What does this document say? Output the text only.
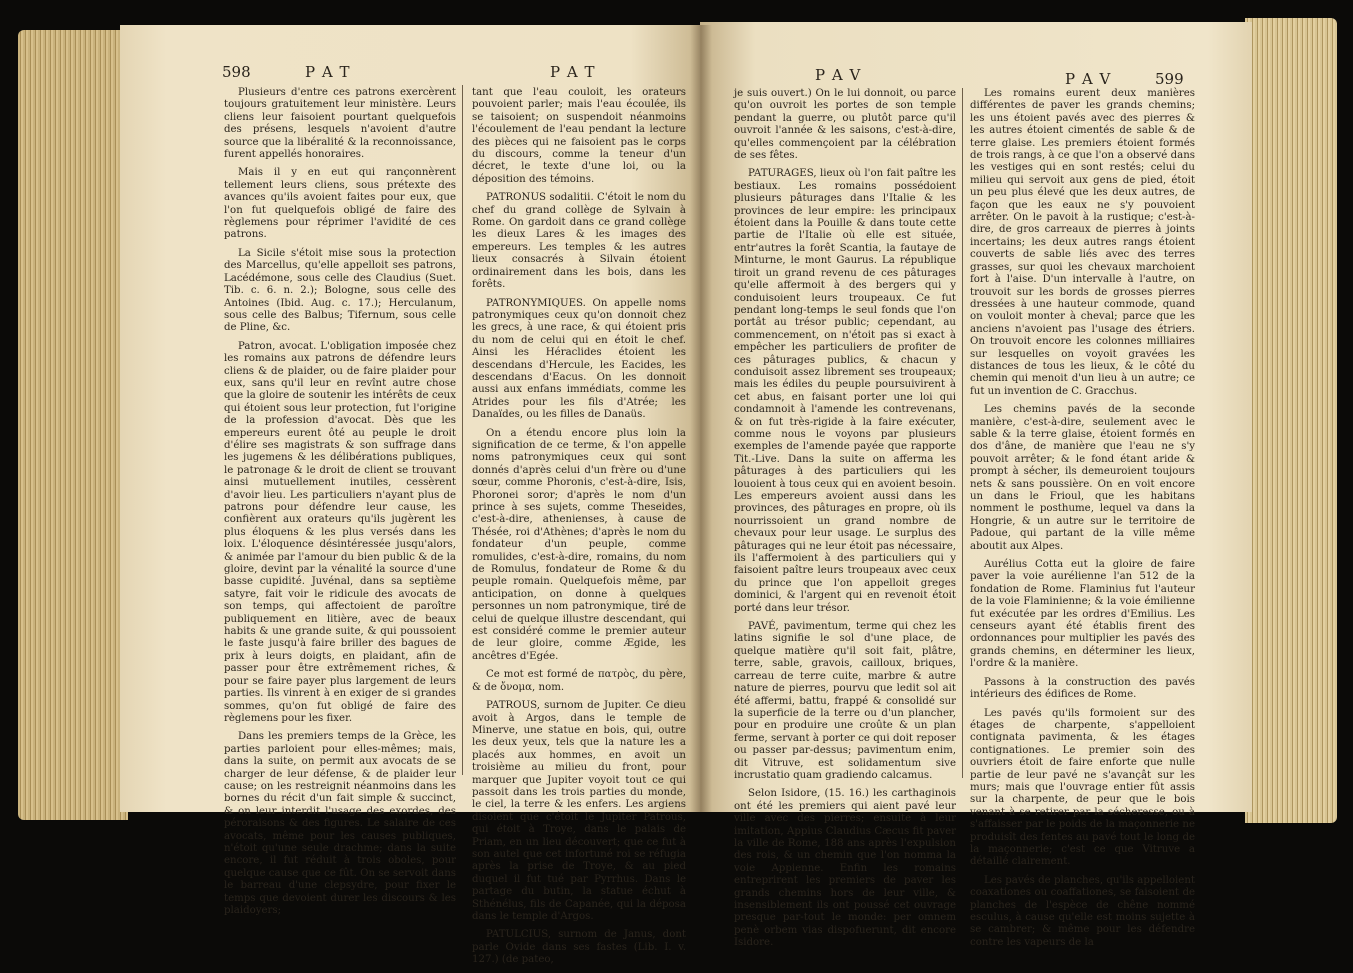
598	P A T	P A T

Plusieurs d'entre ces patrons exercèrent toujours gratuitement leur ministère. Leurs cliens leur faisoient pourtant quelquefois des présens, lesquels n'avoient d'autre source que la libéralité & la reconnoissance, furent appellés honoraires.

Mais il y en eut qui rançonnèrent tellement leurs cliens, sous prétexte des avances qu'ils avoient faites pour eux, que l'on fut quelquefois obligé de faire des règlemens pour réprimer l'avidité de ces patrons.

La Sicile s'étoit mise sous la protection des Marcellus, qu'elle appelloit ses patrons, Lacédémone, sous celle des Claudius (Suet. Tib. c. 6. n. 2.); Bologne, sous celle des Antoines (Ibid. Aug. c. 17.); Herculanum, sous celle des Balbus; Tifernum, sous celle de Pline, &c.

Patron, avocat. L'obligation imposée chez les romains aux patrons de défendre leurs cliens & de plaider, ou de faire plaider pour eux, sans qu'il leur en revînt autre chose que la gloire de soutenir les intérêts de ceux qui étoient sous leur protection, fut l'origine de la profession d'avocat. Dès que les empereurs eurent ôté au peuple le droit d'élire ses magistrats & son suffrage dans les jugemens & les délibérations publiques, le patronage & le droit de client se trouvant ainsi mutuellement inutiles, cessèrent d'avoir lieu. Les particuliers n'ayant plus de patrons pour défendre leur cause, les confièrent aux orateurs qu'ils jugèrent les plus éloquens & les plus versés dans les loix. L'éloquence désintéressée jusqu'alors, & animée par l'amour du bien public & de la gloire, devint par la vénalité la source d'une basse cupidité. Juvénal, dans sa septième satyre, fait voir le ridicule des avocats de son temps, qui affectoient de paroître publiquement en litière, avec de beaux habits & une grande suite, & qui poussoient le faste jusqu'à faire briller des bagues de prix à leurs doigts, en plaidant, afin de passer pour être extrêmement riches, & pour se faire payer plus largement de leurs parties. Ils vinrent à en exiger de si grandes sommes, qu'on fut obligé de faire des règlemens pour les fixer.

Dans les premiers temps de la Grèce, les parties parloient pour elles-mêmes; mais, dans la suite, on permit aux avocats de se charger de leur défense, & de plaider leur cause; on les restreignit néanmoins dans les bornes du récit d'un fait simple & succinct, & on leur interdit l'usage des exordes, des péroraisons & des figures. Le salaire de ces avocats, même pour les causes publiques, n'étoit qu'une seule drachme; dans la suite encore, il fut réduit à trois oboles, pour quelque cause que ce fût. On se servoit dans le barreau d'une clepsydre, pour fixer le temps que devoient durer les discours & les plaidoyers;

tant que l'eau couloit, les orateurs pouvoient parler; mais l'eau écoulée, ils se taisoient; on suspendoit néanmoins l'écoulement de l'eau pendant la lecture des pièces qui ne faisoient pas le corps du discours, comme la teneur d'un décret, le texte d'une loi, ou la déposition des témoins.

PATRONUS sodalitii. C'étoit le nom du chef du grand collège de Sylvain à Rome. On gardoit dans ce grand collège les dieux Lares & les images des empereurs. Les temples & les autres lieux consacrés à Silvain étoient ordinairement dans les bois, dans les forêts.

PATRONYMIQUES. On appelle noms patronymiques ceux qu'on donnoit chez les grecs, à une race, & qui étoient pris du nom de celui qui en étoit le chef. Ainsi les Héraclides étoient les descendans d'Hercule, les Eacides, les descendans d'Eacus. On les donnoit aussi aux enfans immédiats, comme les Atrides pour les fils d'Atrée; les Danaïdes, ou les filles de Danaüs.

On a étendu encore plus loin la signification de ce terme, & l'on appelle noms patronymiques ceux qui sont donnés d'après celui d'un frère ou d'une sœur, comme Phoronis, c'est-à-dire, Isis, Phoronei soror; d'après le nom d'un prince à ses sujets, comme Theseides, c'est-à-dire, athenienses, à cause de Thésée, roi d'Athènes; d'après le nom du fondateur d'un peuple, comme romulides, c'est-à-dire, romains, du nom de Romulus, fondateur de Rome & du peuple romain. Quelquefois même, par anticipation, on donne à quelques personnes un nom patronymique, tiré de celui de quelque illustre descendant, qui est considéré comme le premier auteur de leur gloire, comme Ægide, les ancêtres d'Egée.

Ce mot est formé de πατρὸς, du père, & de ὄνομα, nom.

PATROUS, surnom de Jupiter. Ce dieu avoit à Argos, dans le temple de Minerve, une statue en bois, qui, outre les deux yeux, tels que la nature les a placés aux hommes, en avoit un troisième au milieu du front, pour marquer que Jupiter voyoit tout ce qui passoit dans les trois parties du monde, le ciel, la terre & les enfers. Les argiens disoient que c'étoit le Jupiter Patrous, qui étoit à Troye, dans le palais de Priam, en un lieu découvert; que ce fut à son autel que cet infortuné roi se réfugia après la prise de Troye, & au pied duquel il fut tué par Pyrrhus. Dans le partage du butin, la statue échut à Sthénélus, fils de Capanée, qui la déposa dans le temple d'Argos.

PATULCIUS, surnom de Janus, dont parle Ovide dans ses fastes (Lib. I. v. 127.) (de pateo,

P A V	P A V	599

je suis ouvert.) On le lui donnoit, ou parce qu'on ouvroit les portes de son temple pendant la guerre, ou plutôt parce qu'il ouvroit l'année & les saisons, c'est-à-dire, qu'elles commençoient par la célébration de ses fêtes.

PATURAGES, lieux où l'on fait paître les bestiaux. Les romains possédoient plusieurs pâturages dans l'Italie & les provinces de leur empire: les principaux étoient dans la Pouille & dans toute cette partie de l'Italie où elle est située, entr'autres la forêt Scantia, la fautaye de Minturne, le mont Gaurus. La république tiroit un grand revenu de ces pâturages qu'elle affermoit à des bergers qui y conduisoient leurs troupeaux. Ce fut pendant long-temps le seul fonds que l'on portât au trésor public; cependant, au commencement, on n'étoit pas si exact à empêcher les particuliers de profiter de ces pâturages publics, & chacun y conduisoit assez librement ses troupeaux; mais les édiles du peuple poursuivirent à cet abus, en faisant porter une loi qui condamnoit à l'amende les contrevenans, & on fut très-rigide à la faire exécuter, comme nous le voyons par plusieurs exemples de l'amende payée que rapporte Tit.-Live. Dans la suite on afferma les pâturages à des particuliers qui les louoient à tous ceux qui en avoient besoin. Les empereurs avoient aussi dans les provinces, des pâturages en propre, où ils nourrissoient un grand nombre de chevaux pour leur usage. Le surplus des pâturages qui ne leur étoit pas nécessaire, ils l'affermoient à des particuliers qui y faisoient paître leurs troupeaux avec ceux du prince que l'on appelloit greges dominici, & l'argent qui en revenoit étoit porté dans leur trésor.

PAVÉ, pavimentum, terme qui chez les latins signifie le sol d'une place, de quelque matière qu'il soit fait, plâtre, terre, sable, gravois, cailloux, briques, carreau de terre cuite, marbre & autre nature de pierres, pourvu que ledit sol ait été affermi, battu, frappé & consolidé sur la superficie de la terre ou d'un plancher, pour en produire une croûte & un plan ferme, servant à porter ce qui doit reposer ou passer par-dessus; pavimentum enim, dit Vitruve, est solidamentum sive incrustatio quam gradiendo calcamus.

Selon Isidore, (15. 16.) les carthaginois ont été les premiers qui aient pavé leur ville avec des pierres; ensuite à leur imitation, Appius Claudius Cæcus fit paver la ville de Rome, 188 ans après l'expulsion des rois, & un chemin que l'on nomma la voie Appienne. Enfin les romains entreprirent les premiers de paver les grands chemins hors de leur ville, & insensiblement ils ont poussé cet ouvrage presque par-tout le monde: per omnem penè orbem vias dispofuerunt, dit encore Isidore.

Les romains eurent deux manières différentes de paver les grands chemins; les uns étoient pavés avec des pierres & les autres étoient cimentés de sable & de terre glaise. Les premiers étoient formés de trois rangs, à ce que l'on a observé dans les vestiges qui en sont restés; celui du milieu qui servoit aux gens de pied, étoit un peu plus élevé que les deux autres, de façon que les eaux ne s'y pouvoient arrêter. On le pavoit à la rustique; c'est-à-dire, de gros carreaux de pierres à joints incertains; les deux autres rangs étoient couverts de sable liés avec des terres grasses, sur quoi les chevaux marchoient fort à l'aise. D'un intervalle à l'autre, on trouvoit sur les bords de grosses pierres dressées à une hauteur commode, quand on vouloit monter à cheval; parce que les anciens n'avoient pas l'usage des étriers. On trouvoit encore les colonnes milliaires sur lesquelles on voyoit gravées les distances de tous les lieux, & le côté du chemin qui menoit d'un lieu à un autre; ce fut un invention de C. Gracchus.

Les chemins pavés de la seconde manière, c'est-à-dire, seulement avec le sable & la terre glaise, étoient formés en dos d'âne, de manière que l'eau ne s'y pouvoit arrêter; & le fond étant aride & prompt à sécher, ils demeuroient toujours nets & sans poussière. On en voit encore un dans le Frioul, que les habitans nomment le posthume, lequel va dans la Hongrie, & un autre sur le territoire de Padoue, qui partant de la ville même aboutit aux Alpes.

Aurélius Cotta eut la gloire de faire paver la voie aurélienne l'an 512 de la fondation de Rome. Flaminius fut l'auteur de la voie Flaminienne; & la voie émilienne fut exécutée par les ordres d'Emilius. Les censeurs ayant été établis firent des ordonnances pour multiplier les pavés des grands chemins, en déterminer les lieux, l'ordre & la manière.

Passons à la construction des pavés intérieurs des édifices de Rome.

Les pavés qu'ils formoient sur des étages de charpente, s'appelloient contignata pavimenta, & les étages contignationes. Le premier soin des ouvriers étoit de faire enforte que nulle partie de leur pavé ne s'avançât sur les murs; mais que l'ouvrage entier fût assis sur la charpente, de peur que le bois venant à se retirer par la sécheresse, ou à s'affaisser par le poids de la maçonnerie ne produisît des fentes au pavé tout le long de la maçonnerie; c'est ce que Vitruve a détaillé clairement.

Les pavés de planches, qu'ils appelloient coaxationes ou coaffationes, se faisoient de planches de l'espèce de chêne nommé esculus, à cause qu'elle est moins sujette à se cambrer; & même pour les défendre contre les vapeurs de la
